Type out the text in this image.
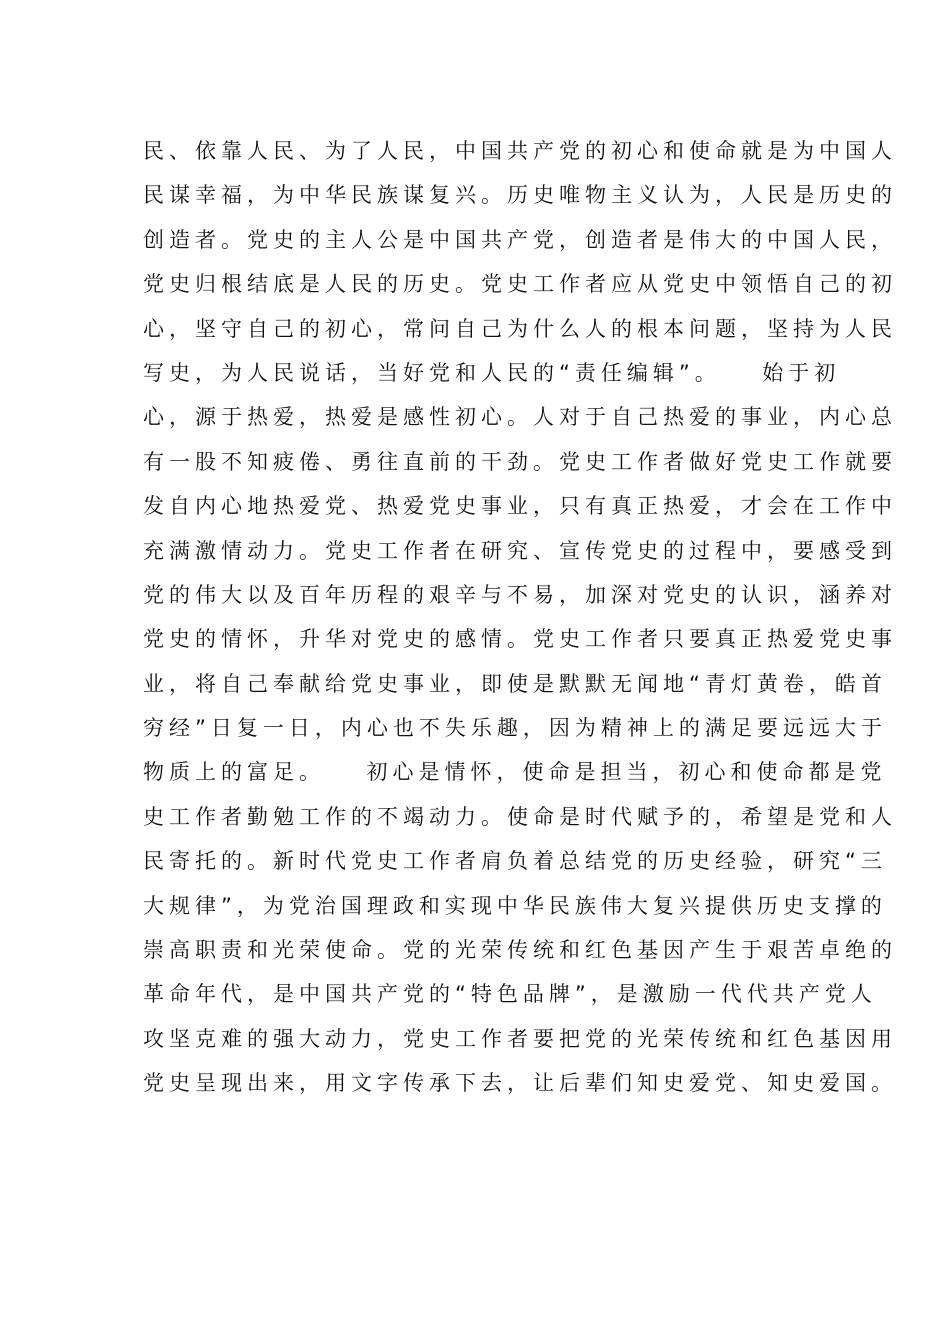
民、依靠人民、为了人民，中国共产党的初心和使命就是为中国人
民谋幸福，为中华民族谋复兴。历史唯物主义认为，人民是历史的
创造者。党史的主人公是中国共产党，创造者是伟大的中国人民，
党史归根结底是人民的历史。党史工作者应从党史中领悟自己的初
心，坚守自己的初心，常问自己为什么人的根本问题，坚持为人民
写史，为人民说话，当好党和人民的“责任编辑”。　　始于初
心，源于热爱，热爱是感性初心。人对于自己热爱的事业，内心总
有一股不知疲倦、勇往直前的干劲。党史工作者做好党史工作就要
发自内心地热爱党、热爱党史事业，只有真正热爱，才会在工作中
充满激情动力。党史工作者在研究、宣传党史的过程中，要感受到
党的伟大以及百年历程的艰辛与不易，加深对党史的认识，涵养对
党史的情怀，升华对党史的感情。党史工作者只要真正热爱党史事
业，将自己奉献给党史事业，即使是默默无闻地“青灯黄卷，皓首
穷经”日复一日，内心也不失乐趣，因为精神上的满足要远远大于
物质上的富足。　　初心是情怀，使命是担当，初心和使命都是党
史工作者勤勉工作的不竭动力。使命是时代赋予的，希望是党和人
民寄托的。新时代党史工作者肩负着总结党的历史经验，研究“三
大规律”，为党治国理政和实现中华民族伟大复兴提供历史支撑的
崇高职责和光荣使命。党的光荣传统和红色基因产生于艰苦卓绝的
革命年代，是中国共产党的“特色品牌”，是激励一代代共产党人
攻坚克难的强大动力，党史工作者要把党的光荣传统和红色基因用
党史呈现出来，用文字传承下去，让后辈们知史爱党、知史爱国。
